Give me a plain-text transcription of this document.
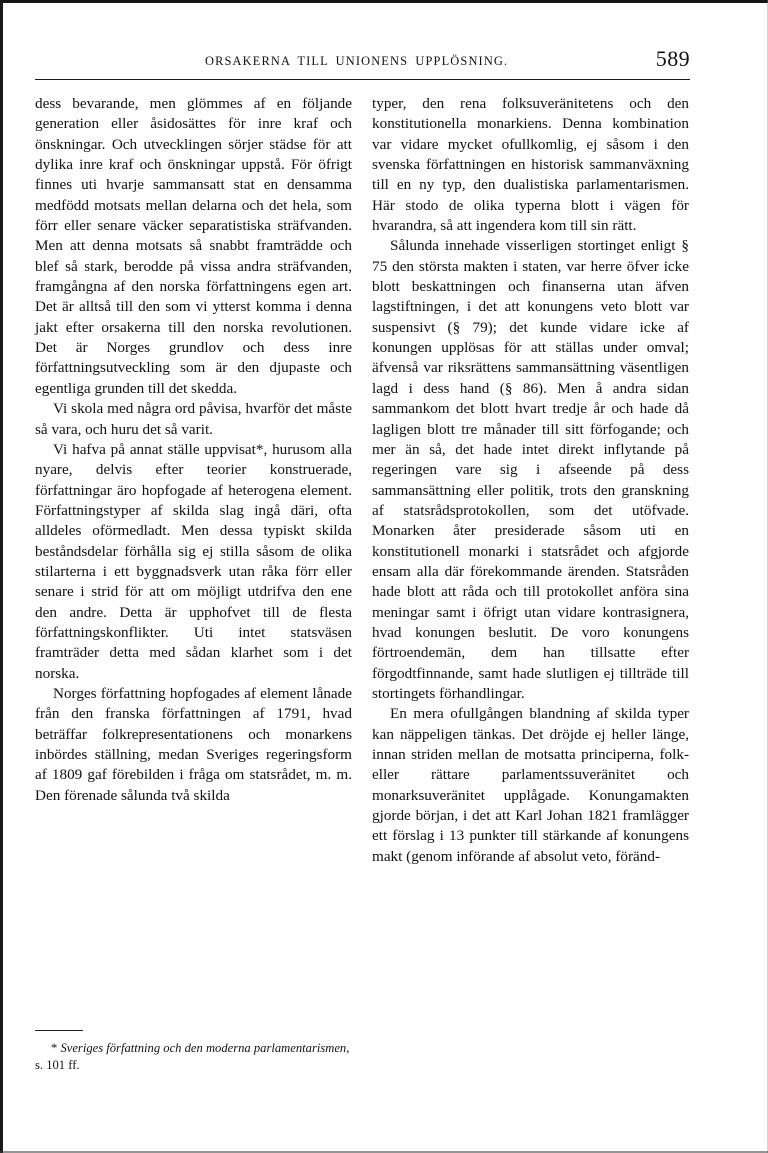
ORSAKERNA TILL UNIONENS UPPLÖSNING.	589

dess bevarande, men glömmes af en följande generation eller åsidosättes för inre kraf och önskningar. Och utvecklingen sörjer städse för att dylika inre kraf och önskningar uppstå. För öfrigt finnes uti hvarje sammansatt stat en densamma medfödd motsats mellan delarna och det hela, som förr eller senare väcker separatistiska sträfvanden. Men att denna motsats så snabbt framträdde och blef så stark, berodde på vissa andra sträfvanden, framgångna af den norska författningens egen art. Det är alltså till den som vi ytterst komma i denna jakt efter orsakerna till den norska revolutionen. Det är Norges grundlov och dess inre författningsutveckling som är den djupaste och egentliga grunden till det skedda.

Vi skola med några ord påvisa, hvarför det måste så vara, och huru det så varit.

Vi hafva på annat ställe uppvisat*, hurusom alla nyare, delvis efter teorier konstruerade, författningar äro hopfogade af heterogena element. Författningstyper af skilda slag ingå däri, ofta alldeles oförmedladt. Men dessa typiskt skilda beståndsdelar förhålla sig ej stilla såsom de olika stilarterna i ett byggnadsverk utan råka förr eller senare i strid för att om möjligt utdrifva den ene den andre. Detta är upphofvet till de flesta författningskonflikter. Uti intet statsväsen framträder detta med sådan klarhet som i det norska.

Norges författning hopfogades af element lånade från den franska författningen af 1791, hvad beträffar folkrepresentationens och monarkens inbördes ställning, medan Sveriges regeringsform af 1809 gaf förebilden i fråga om statsrådet, m. m. Den förenade sålunda två skilda

typer, den rena folksuveränitetens och den konstitutionella monarkiens. Denna kombination var vidare mycket ofullkomlig, ej såsom i den svenska författningen en historisk sammanväxning till en ny typ, den dualistiska parlamentarismen. Här stodo de olika typerna blott i vägen för hvarandra, så att ingendera kom till sin rätt.

Sålunda innehade visserligen stortinget enligt § 75 den största makten i staten, var herre öfver icke blott beskattningen och finanserna utan äfven lagstiftningen, i det att konungens veto blott var suspensivt (§ 79); det kunde vidare icke af konungen upplösas för att ställas under omval; äfvenså var riksrättens sammansättning väsentligen lagd i dess hand (§ 86). Men å andra sidan sammankom det blott hvart tredje år och hade då lagligen blott tre månader till sitt förfogande; och mer än så, det hade intet direkt inflytande på regeringen vare sig i afseende på dess sammansättning eller politik, trots den granskning af statsrådsprotokollen, som det utöfvade. Monarken åter presiderade såsom uti en konstitutionell monarki i statsrådet och afgjorde ensam alla där förekommande ärenden. Statsråden hade blott att råda och till protokollet anföra sina meningar samt i öfrigt utan vidare kontrasignera, hvad konungen beslutit. De voro konungens förtroendemän, dem han tillsatte efter förgodtfinnande, samt hade slutligen ej tillträde till stortingets förhandlingar.

En mera ofullgången blandning af skilda typer kan näppeligen tänkas. Det dröjde ej heller länge, innan striden mellan de motsatta principerna, folk- eller rättare parlamentssuveränitet och monarksuveränitet upplågade. Konungamakten gjorde början, i det att Karl Johan 1821 framlägger ett förslag i 13 punkter till stärkande af konungens makt (genom införande af absolut veto, föränd-

* Sveriges författning och den moderna parlamentarismen, s. 101 ff.
